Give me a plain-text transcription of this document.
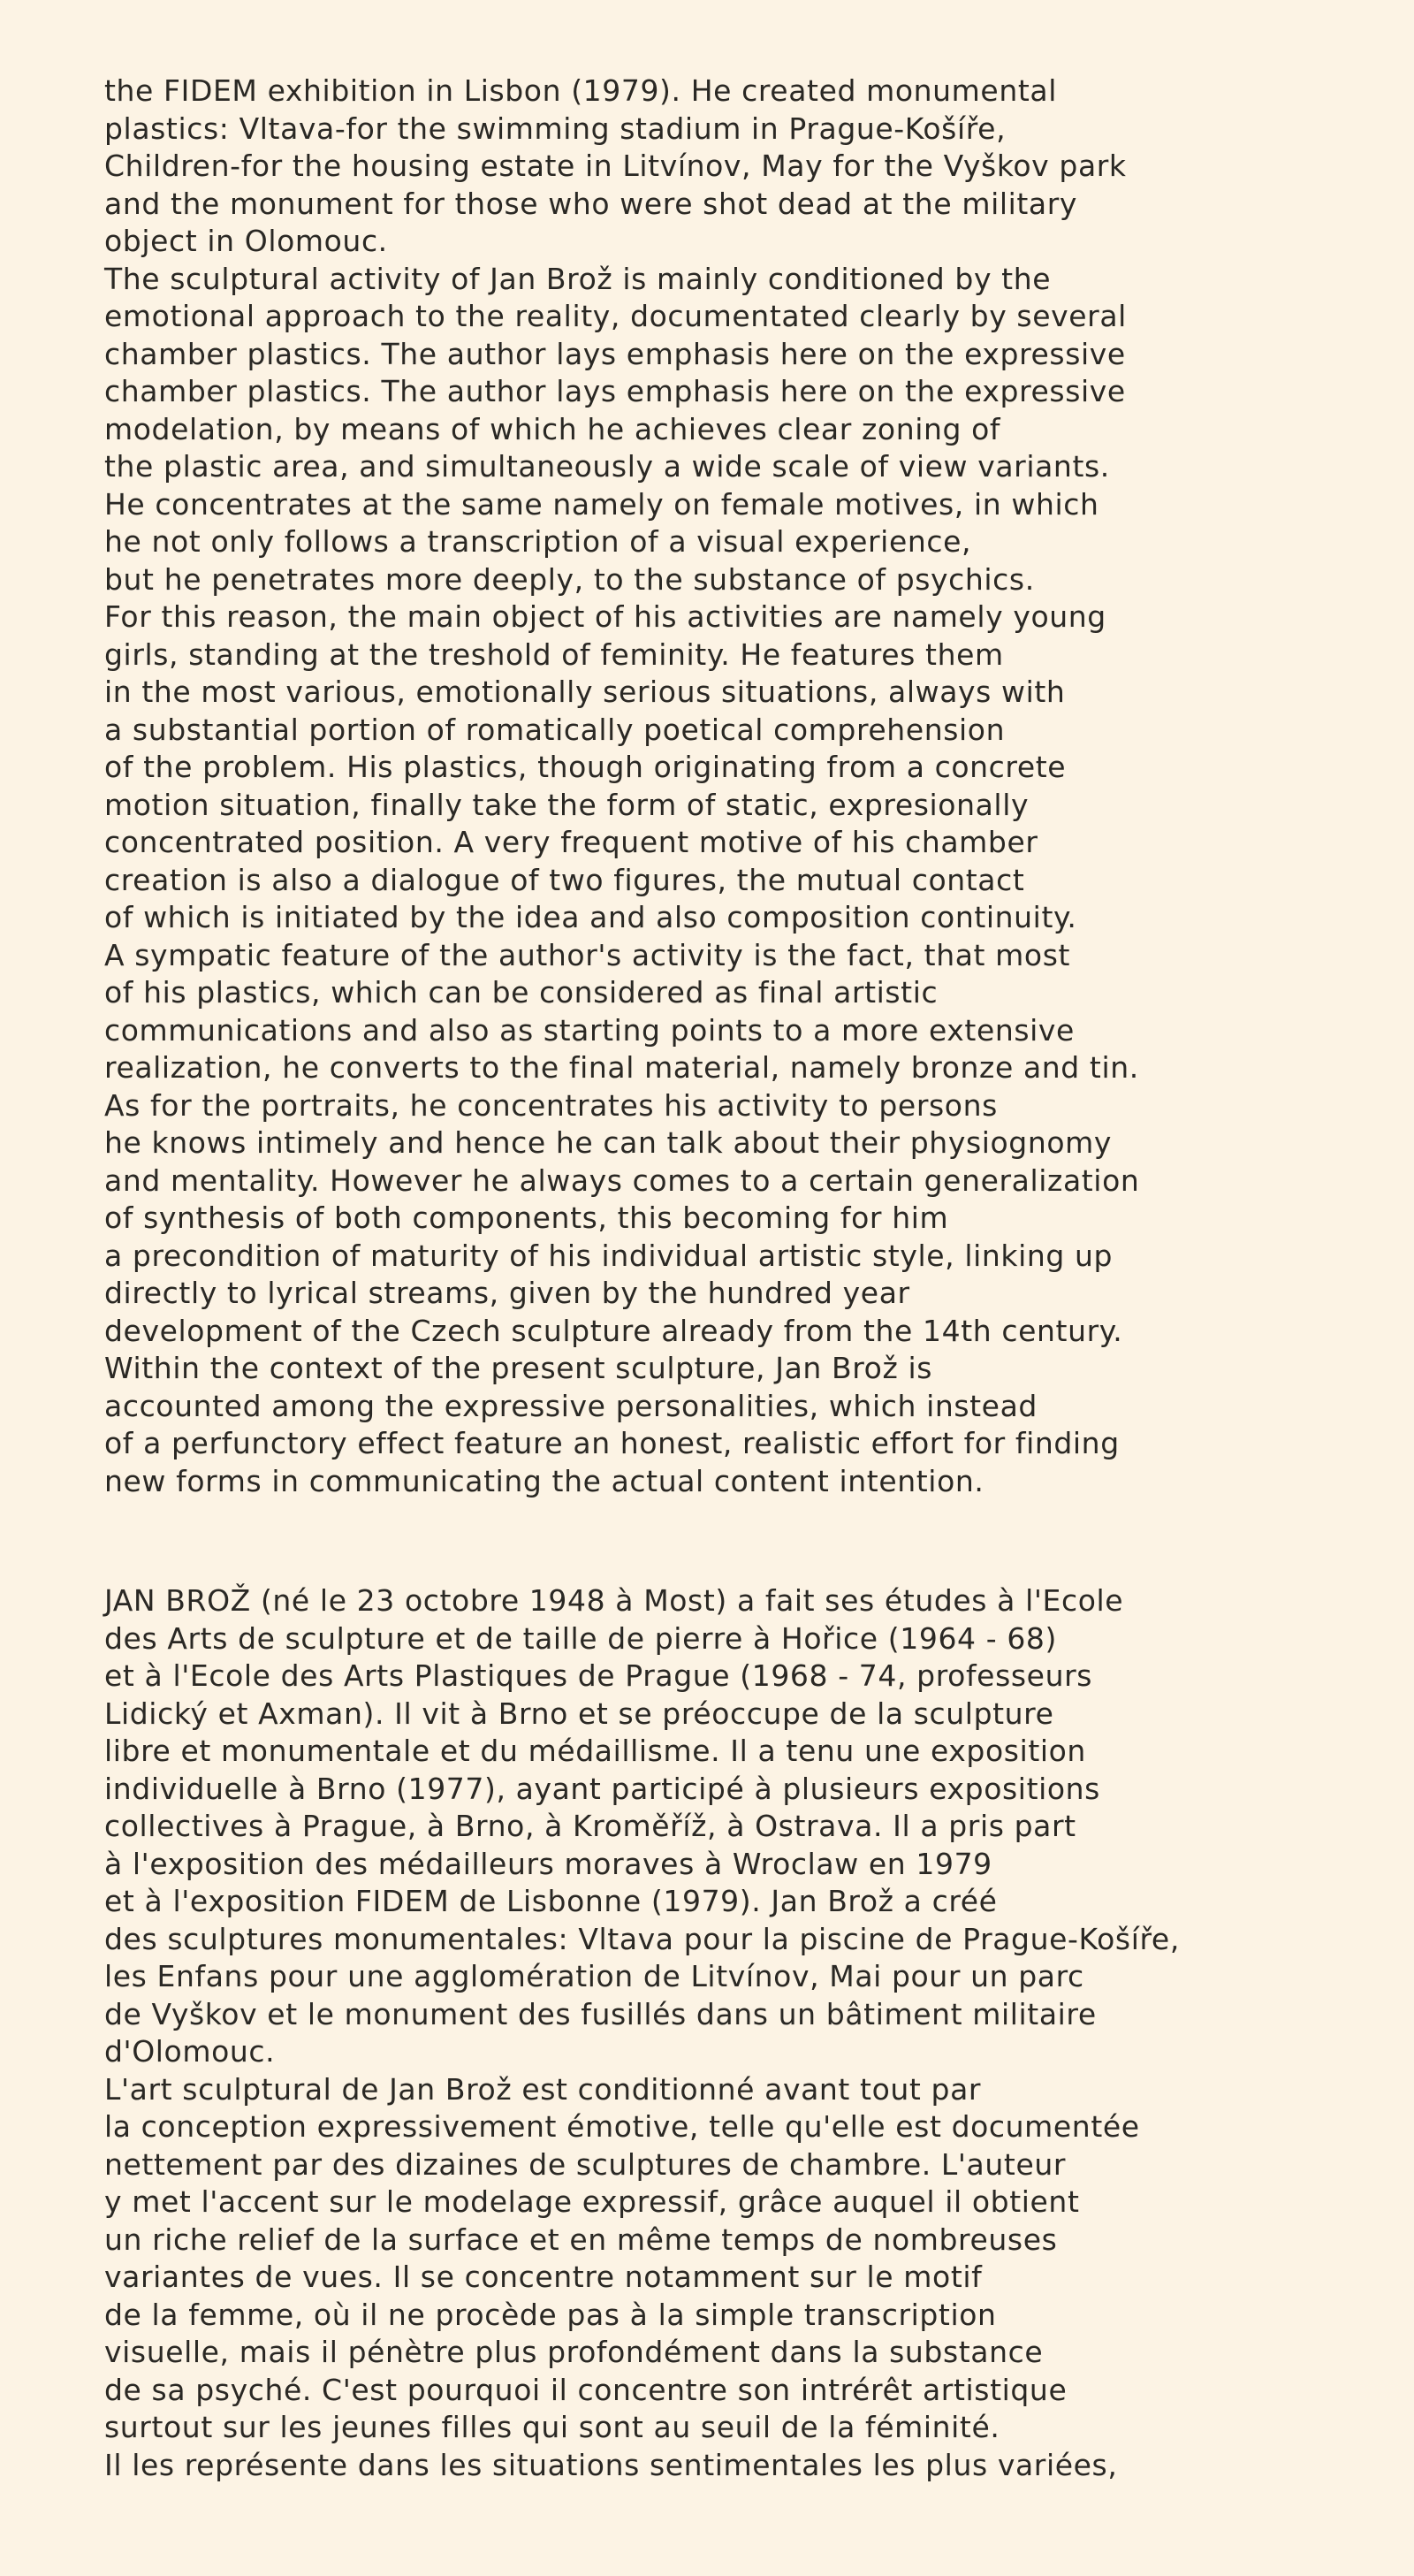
the FIDEM exhibition in Lisbon (1979). He created monumental
plastics: Vltava-for the swimming stadium in Prague-Košíře,
Children-for the housing estate in Litvínov, May for the Vyškov park
and the monument for those who were shot dead at the military
object in Olomouc.
The sculptural activity of Jan Brož is mainly conditioned by the
emotional approach to the reality, documentated clearly by several
chamber plastics. The author lays emphasis here on the expressive
chamber plastics. The author lays emphasis here on the expressive
modelation, by means of which he achieves clear zoning of
the plastic area, and simultaneously a wide scale of view variants.
He concentrates at the same namely on female motives, in which
he not only follows a transcription of a visual experience,
but he penetrates more deeply, to the substance of psychics.
For this reason, the main object of his activities are namely young
girls, standing at the treshold of feminity. He features them
in the most various, emotionally serious situations, always with
a substantial portion of romatically poetical comprehension
of the problem. His plastics, though originating from a concrete
motion situation, finally take the form of static, expresionally
concentrated position. A very frequent motive of his chamber
creation is also a dialogue of two figures, the mutual contact
of which is initiated by the idea and also composition continuity.
A sympatic feature of the author's activity is the fact, that most
of his plastics, which can be considered as final artistic
communications and also as starting points to a more extensive
realization, he converts to the final material, namely bronze and tin.
As for the portraits, he concentrates his activity to persons
he knows intimely and hence he can talk about their physiognomy
and mentality. However he always comes to a certain generalization
of synthesis of both components, this becoming for him
a precondition of maturity of his individual artistic style, linking up
directly to lyrical streams, given by the hundred year
development of the Czech sculpture already from the 14th century.
Within the context of the present sculpture, Jan Brož is
accounted among the expressive personalities, which instead
of a perfunctory effect feature an honest, realistic effort for finding
new forms in communicating the actual content intention.
JAN BROŽ (né le 23 octobre 1948 à Most) a fait ses études à l'Ecole
des Arts de sculpture et de taille de pierre à Hořice (1964 - 68)
et à l'Ecole des Arts Plastiques de Prague (1968 - 74, professeurs
Lidický et Axman). Il vit à Brno et se préoccupe de la sculpture
libre et monumentale et du médaillisme. Il a tenu une exposition
individuelle à Brno (1977), ayant participé à plusieurs expositions
collectives à Prague, à Brno, à Kroměříž, à Ostrava. Il a pris part
à l'exposition des médailleurs moraves à Wroclaw en 1979
et à l'exposition FIDEM de Lisbonne (1979). Jan Brož a créé
des sculptures monumentales: Vltava pour la piscine de Prague-Košíře,
les Enfans pour une agglomération de Litvínov, Mai pour un parc
de Vyškov et le monument des fusillés dans un bâtiment militaire
d'Olomouc.
L'art sculptural de Jan Brož est conditionné avant tout par
la conception expressivement émotive, telle qu'elle est documentée
nettement par des dizaines de sculptures de chambre. L'auteur
y met l'accent sur le modelage expressif, grâce auquel il obtient
un riche relief de la surface et en même temps de nombreuses
variantes de vues. Il se concentre notamment sur le motif
de la femme, où il ne procède pas à la simple transcription
visuelle, mais il pénètre plus profondément dans la substance
de sa psyché. C'est pourquoi il concentre son intrérêt artistique
surtout sur les jeunes filles qui sont au seuil de la féminité.
Il les représente dans les situations sentimentales les plus variées,
